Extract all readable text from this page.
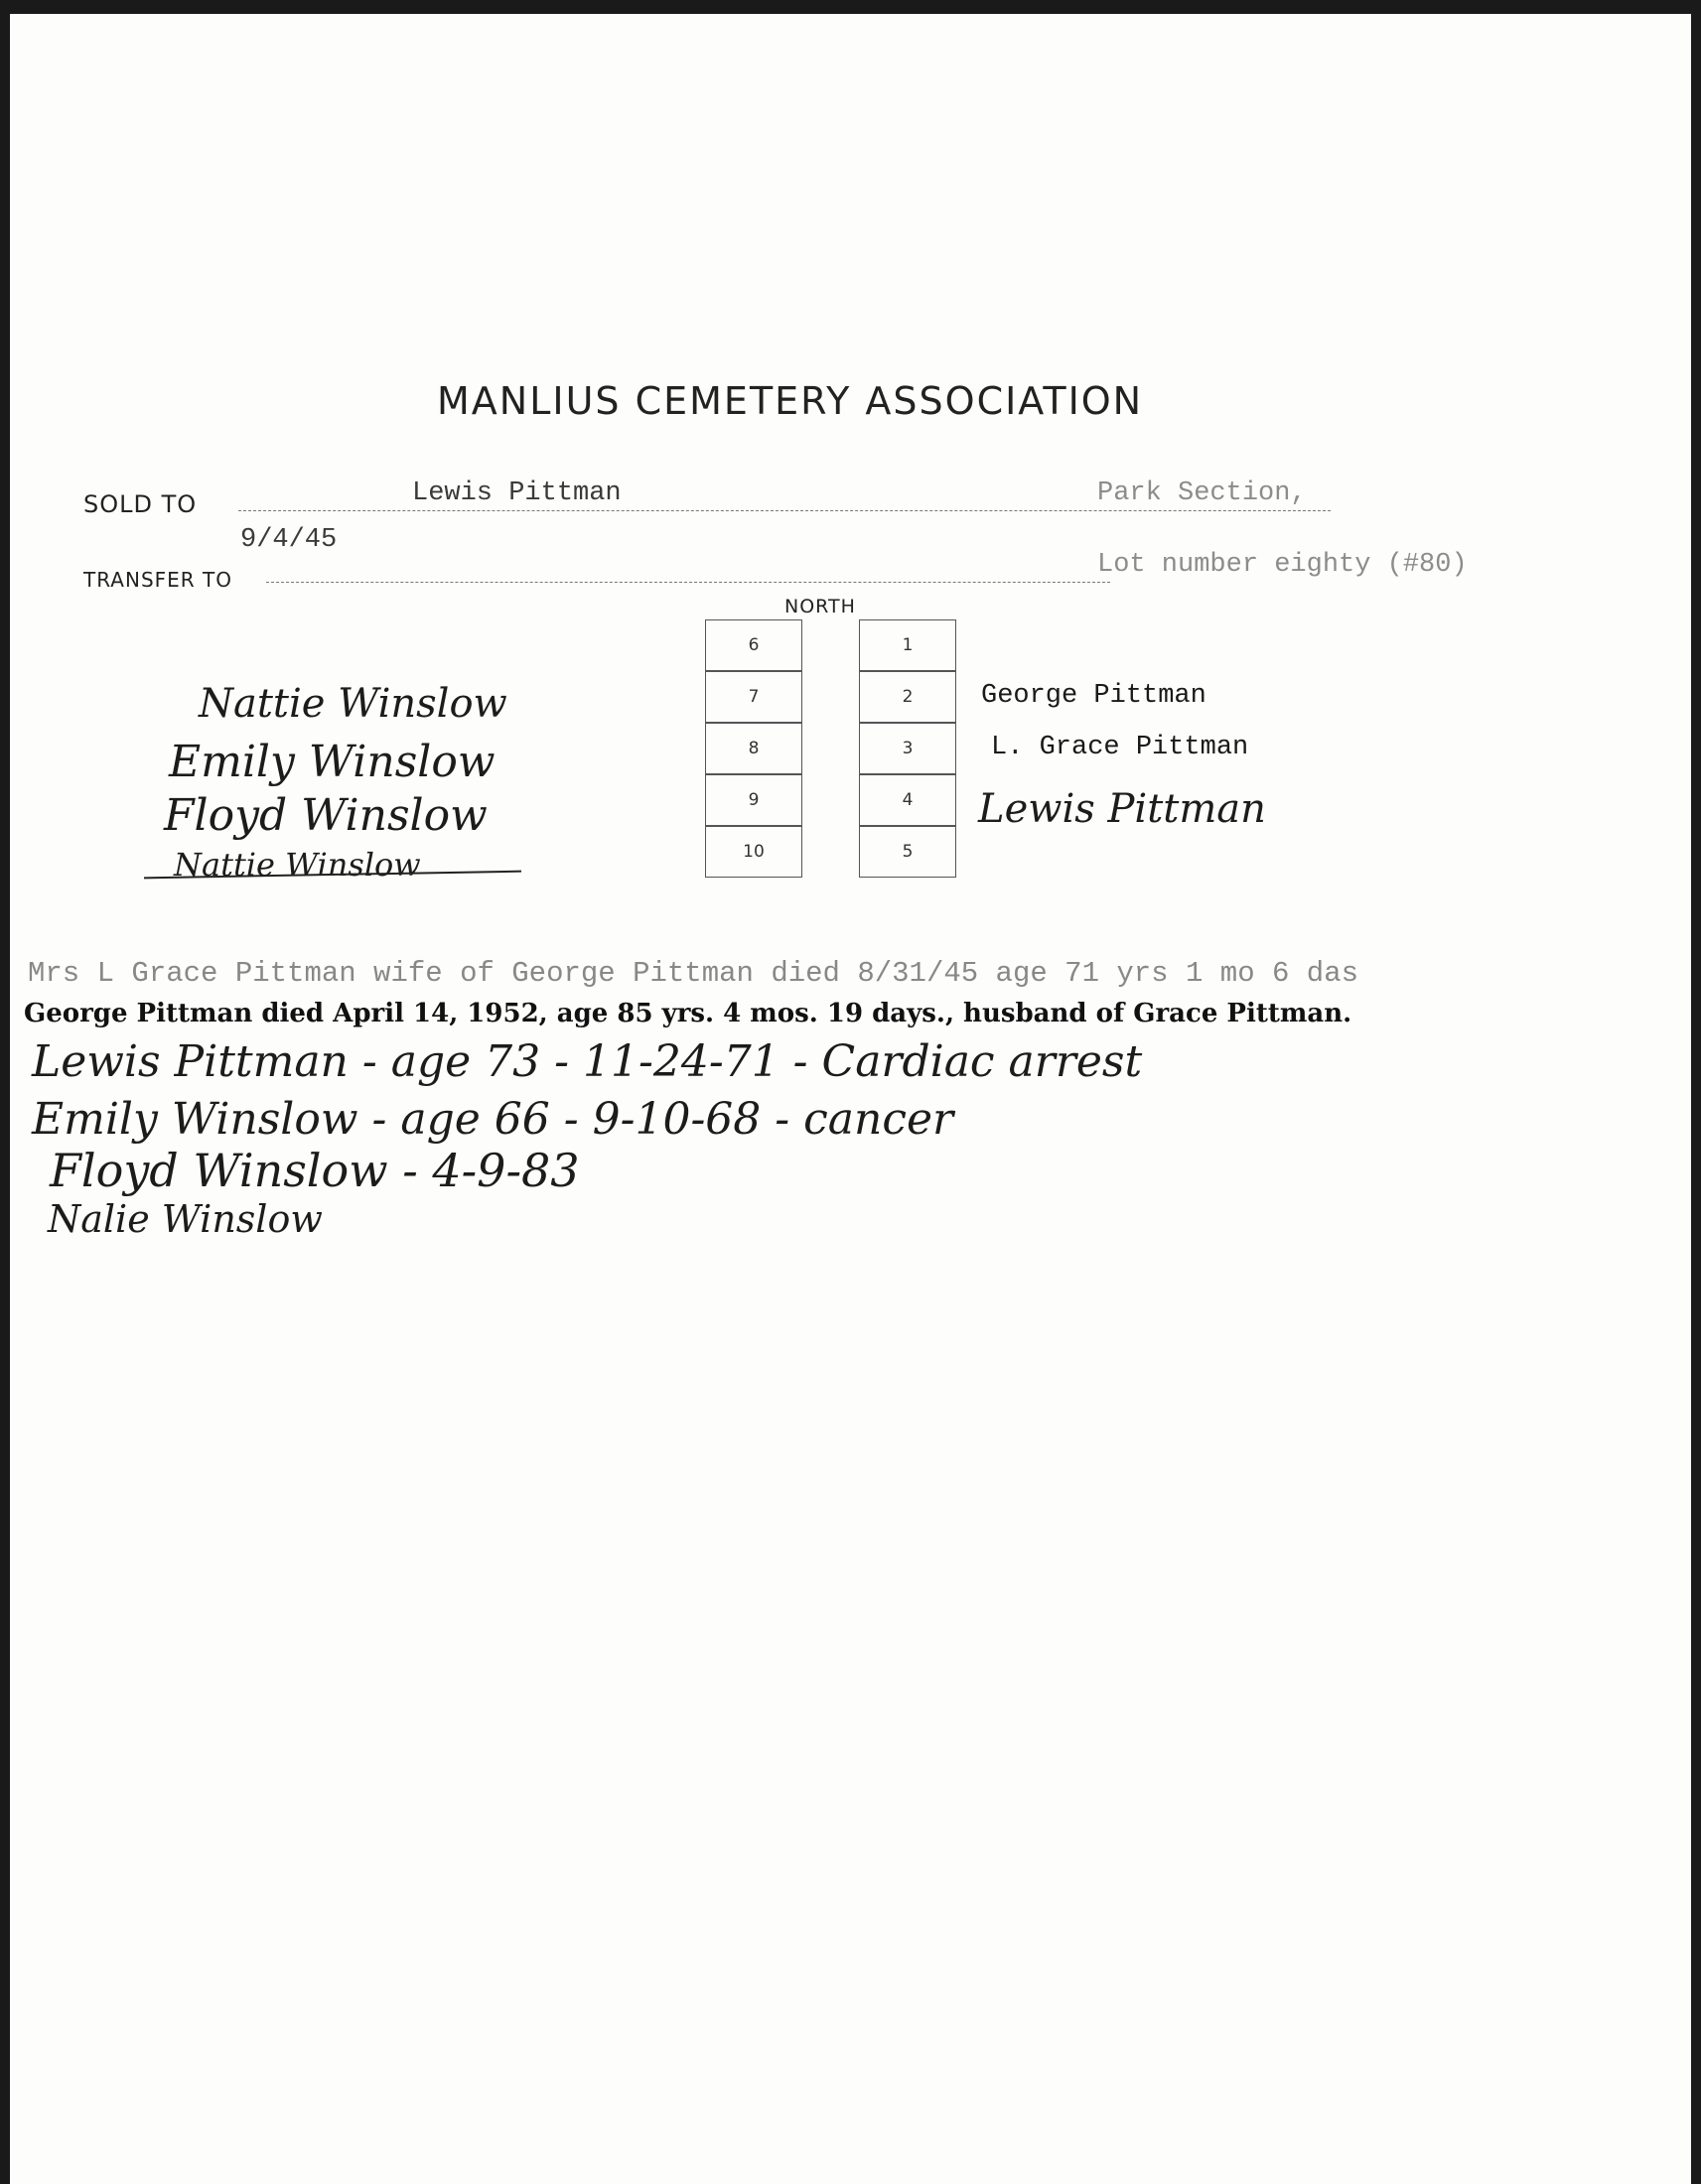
MANLIUS CEMETERY ASSOCIATION
SOLD TO	Lewis Pittman	Park Section,
9/4/45
TRANSFER TO	Lot number eighty (#80)
NORTH
6
7
8
9
10
1
2
3
4
5
George Pittman
L. Grace Pittman
Lewis Pittman
Nattie Winslow
Emily Winslow
Floyd Winslow
Nattie Winslow
Mrs L Grace Pittman wife of George Pittman died 8/31/45 age 71 yrs 1 mo 6 das
George Pittman died April 14, 1952, age 85 yrs. 4 mos. 19 days., husband of Grace Pittman.
Lewis Pittman - age 73 - 11-24-71 - Cardiac arrest
Emily Winslow - age 66 - 9-10-68 - cancer
Floyd Winslow - 4-9-83
Nalie Winslow
